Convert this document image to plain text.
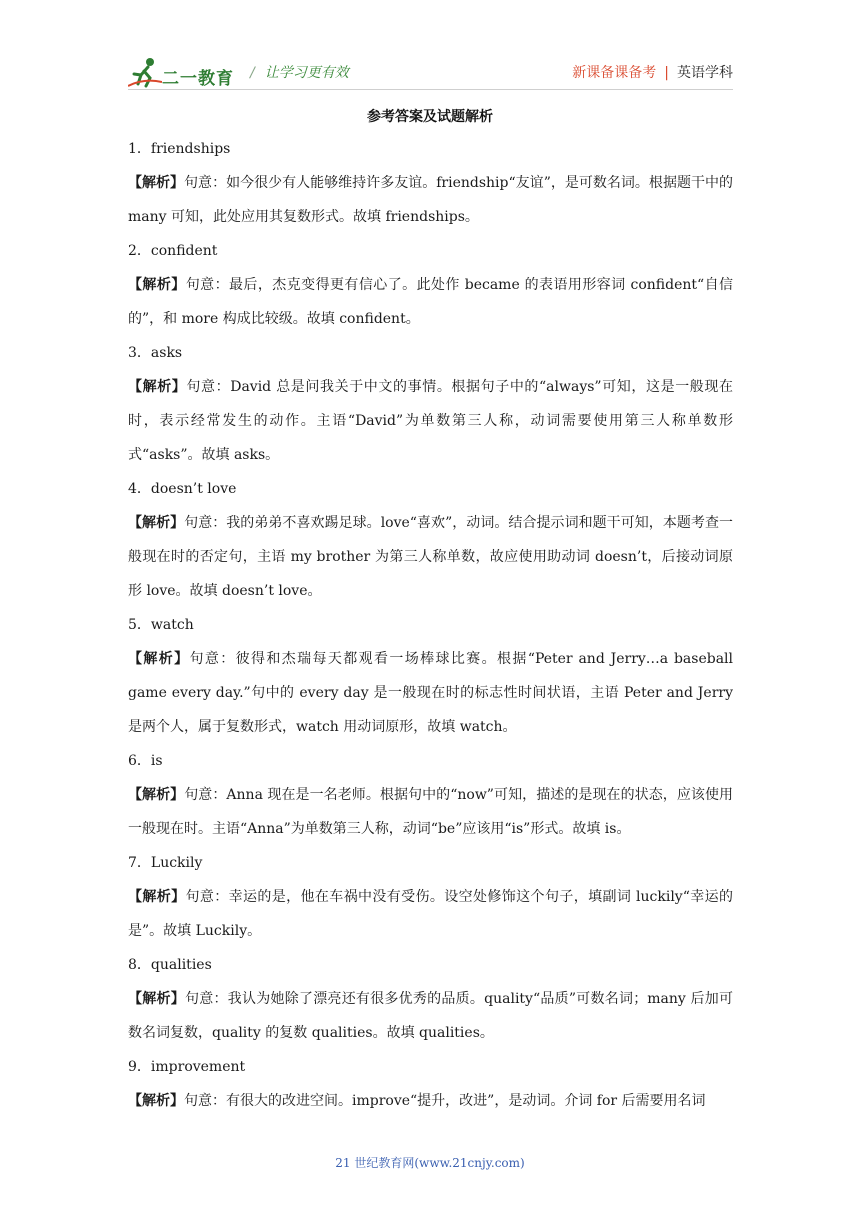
二一教育 / 让学习更有效	新课备课备考 | 英语学科
参考答案及试题解析

1．friendships

【解析】句意：如今很少有人能够维持许多友谊。friendship“友谊”，是可数名词。根据题干中的 many 可知，此处应用其复数形式。故填 friendships。

2．confident

【解析】句意：最后，杰克变得更有信心了。此处作 became 的表语用形容词 confident“自信的”，和 more 构成比较级。故填 confident。

3．asks

【解析】句意：David 总是问我关于中文的事情。根据句子中的“always”可知，这是一般现在时，表示经常发生的动作。主语“David”为单数第三人称，动词需要使用第三人称单数形式“asks”。故填 asks。

4．doesn’t love

【解析】句意：我的弟弟不喜欢踢足球。love“喜欢”，动词。结合提示词和题干可知，本题考查一般现在时的否定句，主语 my brother 为第三人称单数，故应使用助动词 doesn’t，后接动词原形 love。故填 doesn’t love。

5．watch

【解析】句意：彼得和杰瑞每天都观看一场棒球比赛。根据“Peter and Jerry…a baseball game every day.”句中的 every day 是一般现在时的标志性时间状语，主语 Peter and Jerry 是两个人，属于复数形式，watch 用动词原形，故填 watch。

6．is

【解析】句意：Anna 现在是一名老师。根据句中的“now”可知，描述的是现在的状态，应该使用一般现在时。主语“Anna”为单数第三人称，动词“be”应该用“is”形式。故填 is。

7．Luckily

【解析】句意：幸运的是，他在车祸中没有受伤。设空处修饰这个句子，填副词 luckily“幸运的是”。故填 Luckily。

8．qualities

【解析】句意：我认为她除了漂亮还有很多优秀的品质。quality“品质”可数名词；many 后加可数名词复数，quality 的复数 qualities。故填 qualities。

9．improvement

【解析】句意：有很大的改进空间。improve“提升，改进”，是动词。介词 for 后需要用名词

21 世纪教育网(www.21cnjy.com)
